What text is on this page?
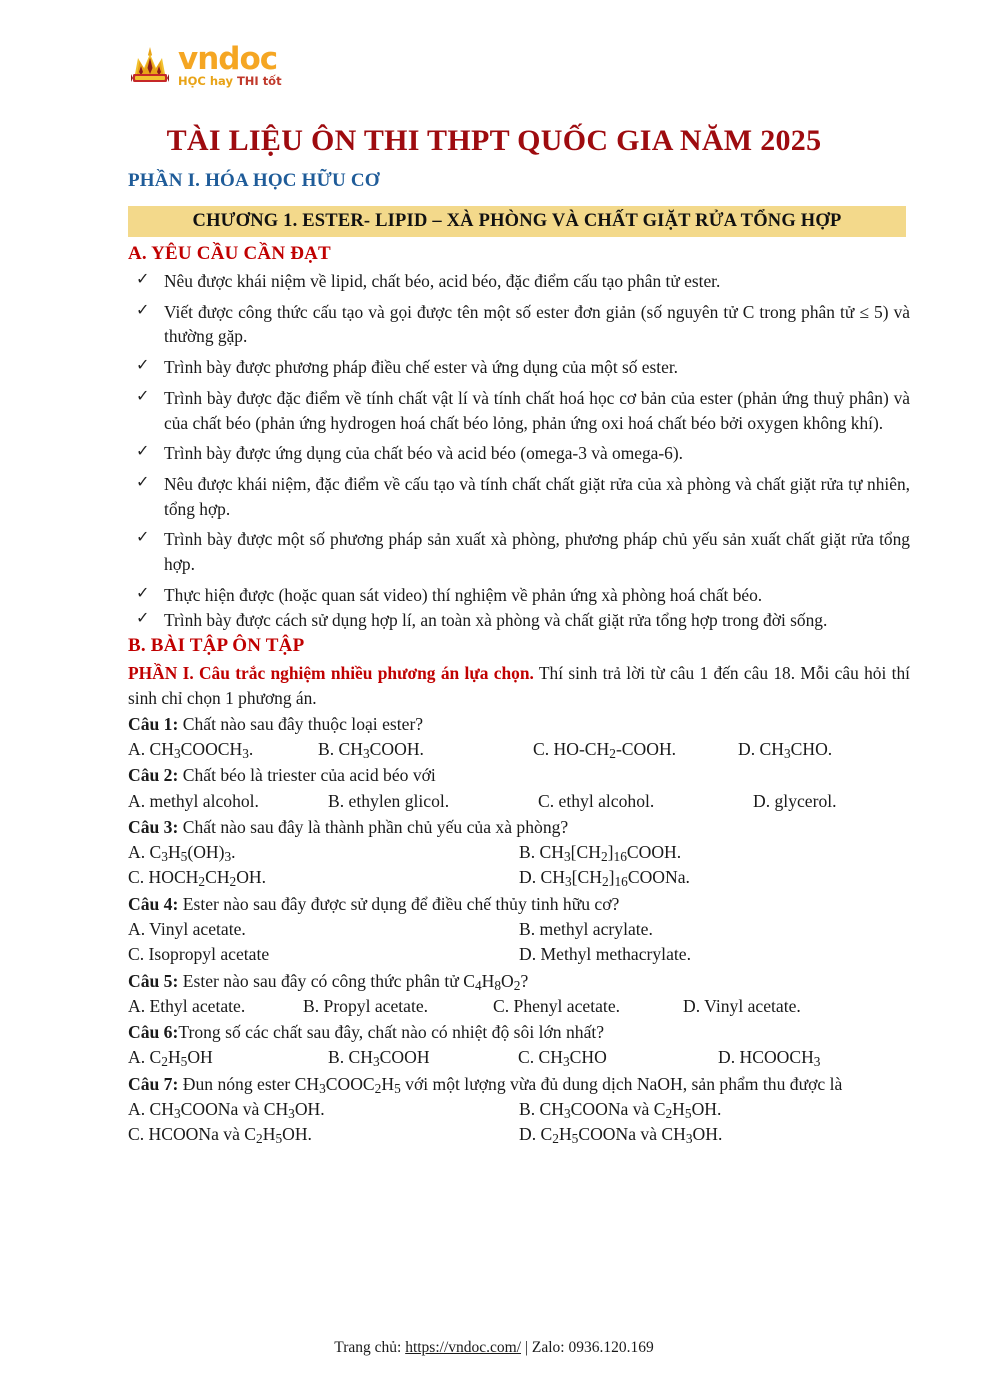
vndoc
HỌC hay THI tốt
TÀI LIỆU ÔN THI THPT QUỐC GIA NĂM 2025
PHẦN I. HÓA HỌC HỮU CƠ
CHƯƠNG 1. ESTER- LIPID – XÀ PHÒNG VÀ CHẤT GIẶT RỬA TỔNG HỢP
A. YÊU CẦU CẦN ĐẠT
✓ Nêu được khái niệm về lipid, chất béo, acid béo, đặc điểm cấu tạo phân tử ester.
✓ Viết được công thức cấu tạo và gọi được tên một số ester đơn giản (số nguyên tử C trong phân tử ≤ 5) và thường gặp.
✓ Trình bày được phương pháp điều chế ester và ứng dụng của một số ester.
✓ Trình bày được đặc điểm về tính chất vật lí và tính chất hoá học cơ bản của ester (phản ứng thuỷ phân) và của chất béo (phản ứng hydrogen hoá chất béo lỏng, phản ứng oxi hoá chất béo bởi oxygen không khí).
✓ Trình bày được ứng dụng của chất béo và acid béo (omega-3 và omega-6).
✓ Nêu được khái niệm, đặc điểm về cấu tạo và tính chất chất giặt rửa của xà phòng và chất giặt rửa tự nhiên, tổng hợp.
✓ Trình bày được một số phương pháp sản xuất xà phòng, phương pháp chủ yếu sản xuất chất giặt rửa tổng hợp.
✓ Thực hiện được (hoặc quan sát video) thí nghiệm về phản ứng xà phòng hoá chất béo.
✓ Trình bày được cách sử dụng hợp lí, an toàn xà phòng và chất giặt rửa tổng hợp trong đời sống.
B. BÀI TẬP ÔN TẬP
PHẦN I. Câu trắc nghiệm nhiều phương án lựa chọn. Thí sinh trả lời từ câu 1 đến câu 18. Mỗi câu hỏi thí sinh chỉ chọn 1 phương án.
Câu 1: Chất nào sau đây thuộc loại ester?
A. $CH_3COOCH_3$.	B. $CH_3COOH$.	C. $HO-CH_2$-COOH.	D. $CH_3CHO$.
Câu 2: Chất béo là triester của acid béo với
A. methyl alcohol.	B. ethylen glicol.	C. ethyl alcohol.	D. glycerol.
Câu 3: Chất nào sau đây là thành phần chủ yếu của xà phòng?
A. $C_3H_5(OH)_3$.	B. $CH_3[CH_2]_{16}COOH$.
C. $HOCH_2CH_2OH$.	D. $CH_3[CH_2]_{16}COONa$.
Câu 4: Ester nào sau đây được sử dụng để điều chế thủy tinh hữu cơ?
A. Vinyl acetate.	B. methyl acrylate.
C. Isopropyl acetate	D. Methyl methacrylate.
Câu 5: Ester nào sau đây có công thức phân tử $C_4H_8O_2$?
A. Ethyl acetate.	B. Propyl acetate.	C. Phenyl acetate.	D. Vinyl acetate.
Câu 6:Trong số các chất sau đây, chất nào có nhiệt độ sôi lớn nhất?
A. $C_2H_5OH$	B. $CH_3COOH$	C. $CH_3CHO$	D. $HCOOCH_3$
Câu 7: Đun nóng ester $CH_3COOC_2H_5$ với một lượng vừa đủ dung dịch NaOH, sản phẩm thu được là
A. $CH_3COONa$ và $CH_3OH$.	B. $CH_3COONa$ và $C_2H_5OH$.
C. HCOONa và $C_2H_5OH$.	D. $C_2H_5COONa$ và $CH_3OH$.
Trang chủ: https://vndoc.com/ | Zalo: 0936.120.169
